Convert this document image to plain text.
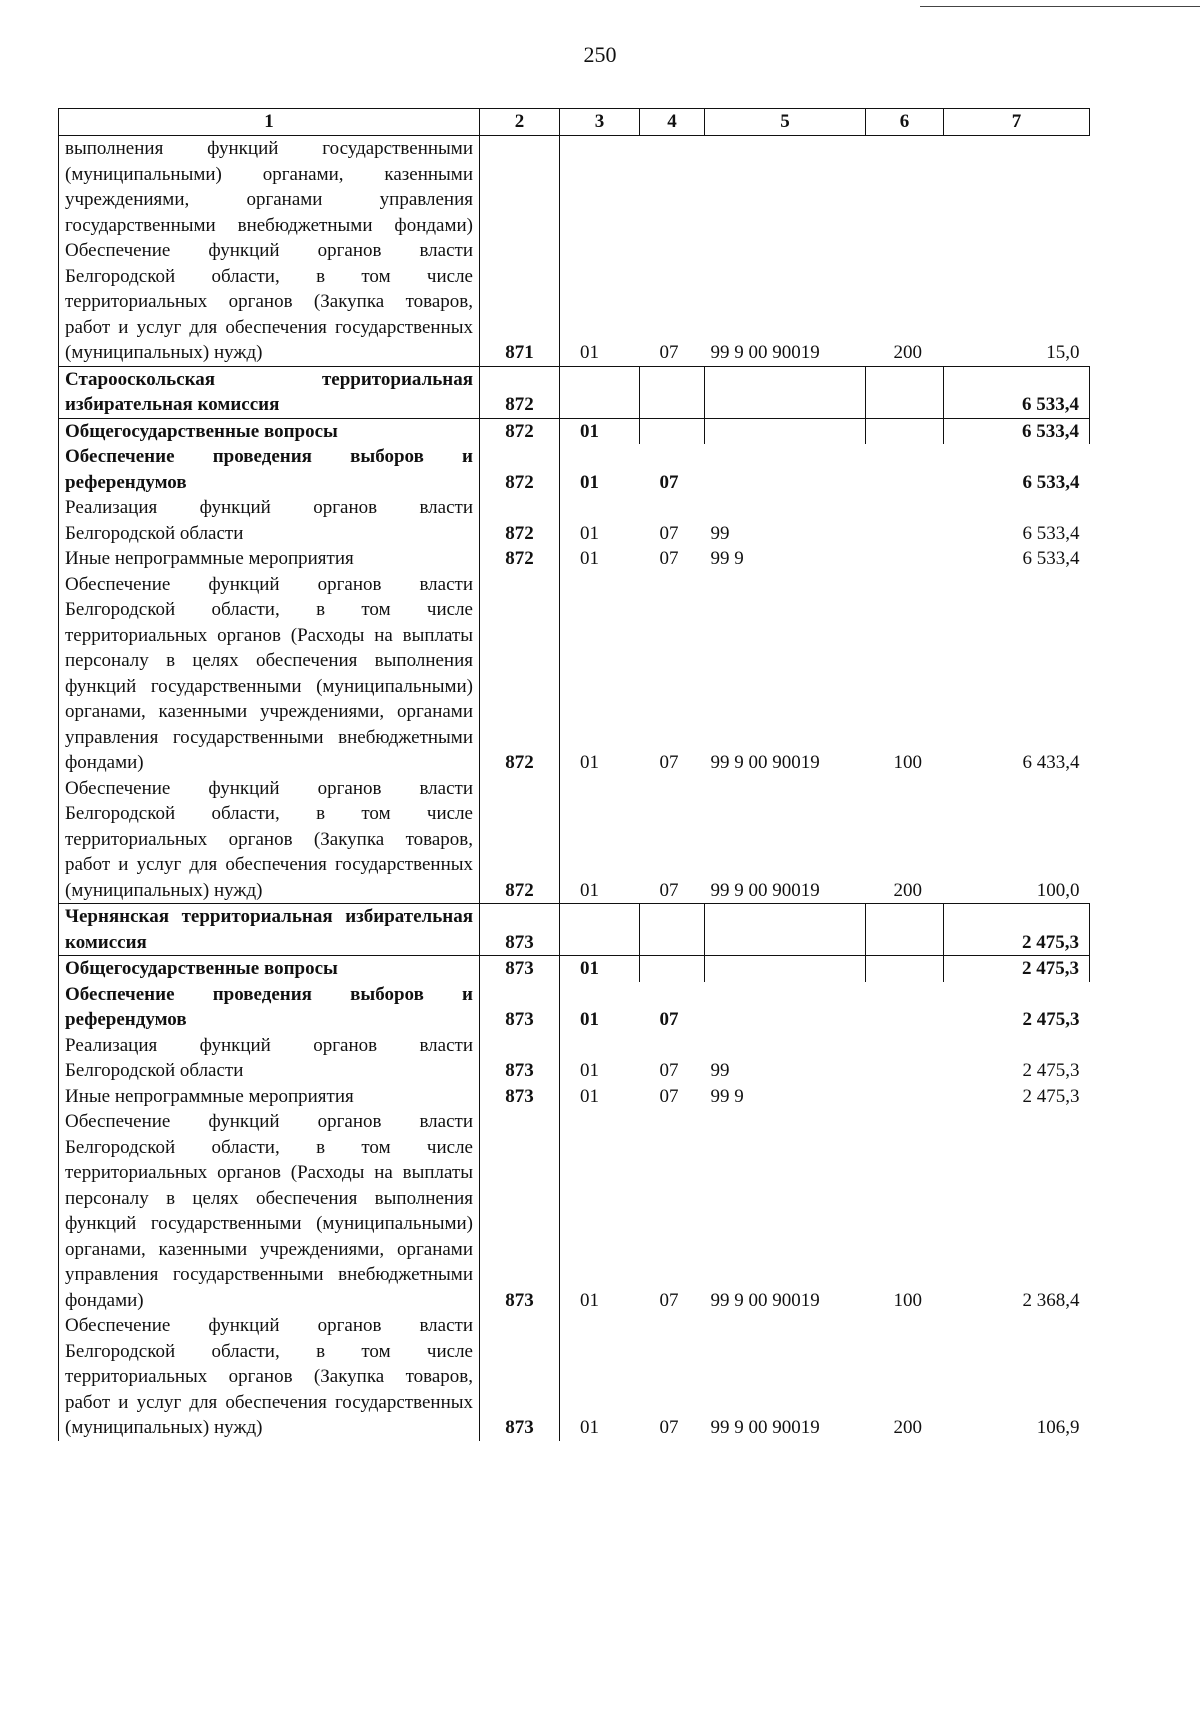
250
1	2	3	4	5	6	7
выполнения функций государственными (муниципальными) органами, казенными учреждениями, органами управления государственными внебюджетными фондами) Обеспечение функций органов власти Белгородской области, в том числе территориальных органов (Закупка товаров, работ и услуг для обеспечения государственных (муниципальных) нужд)	871	01	07	99 9 00 90019	200	15,0
Старооскольская территориальная избирательная комиссия	872					6 533,4
Общегосударственные вопросы	872	01				6 533,4
Обеспечение проведения выборов и референдумов	872	01	07			6 533,4
Реализация функций органов власти Белгородской области	872	01	07	99		6 533,4
Иные непрограммные мероприятия	872	01	07	99 9		6 533,4
Обеспечение функций органов власти Белгородской области, в том числе территориальных органов (Расходы на выплаты персоналу в целях обеспечения выполнения функций государственными (муниципальными) органами, казенными учреждениями, органами управления государственными внебюджетными фондами)	872	01	07	99 9 00 90019	100	6 433,4
Обеспечение функций органов власти Белгородской области, в том числе территориальных органов (Закупка товаров, работ и услуг для обеспечения государственных (муниципальных) нужд)	872	01	07	99 9 00 90019	200	100,0
Чернянская территориальная избирательная комиссия	873					2 475,3
Общегосударственные вопросы	873	01				2 475,3
Обеспечение проведения выборов и референдумов	873	01	07			2 475,3
Реализация функций органов власти Белгородской области	873	01	07	99		2 475,3
Иные непрограммные мероприятия	873	01	07	99 9		2 475,3
Обеспечение функций органов власти Белгородской области, в том числе территориальных органов (Расходы на выплаты персоналу в целях обеспечения выполнения функций государственными (муниципальными) органами, казенными учреждениями, органами управления государственными внебюджетными фондами)	873	01	07	99 9 00 90019	100	2 368,4
Обеспечение функций органов власти Белгородской области, в том числе территориальных органов (Закупка товаров, работ и услуг для обеспечения государственных (муниципальных) нужд)	873	01	07	99 9 00 90019	200	106,9
